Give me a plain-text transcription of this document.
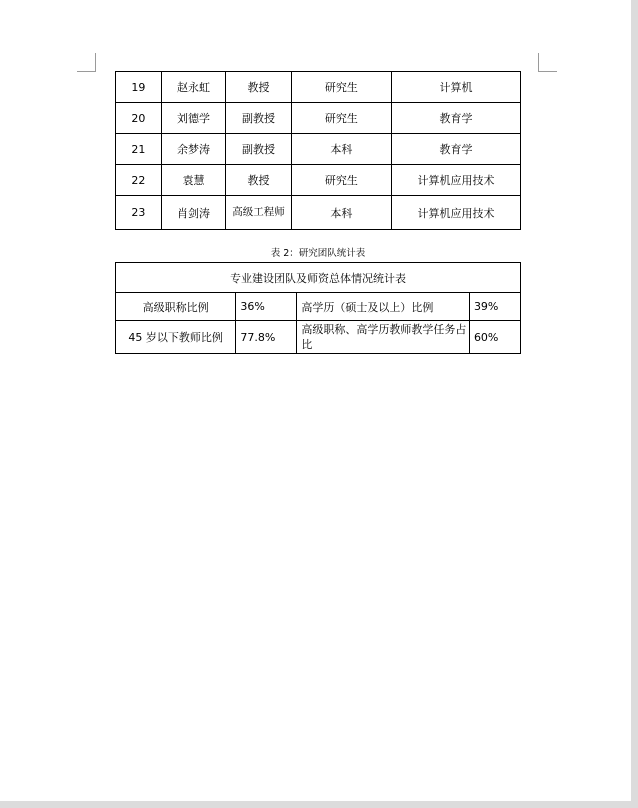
19	赵永虹	教授	研究生	计算机
20	刘德学	副教授	研究生	教育学
21	余梦涛	副教授	本科	教育学
22	袁慧	教授	研究生	计算机应用技术
23	肖剑涛	高级工程师	本科	计算机应用技术
表 2：研究团队统计表
专业建设团队及师资总体情况统计表			
高级职称比例	36%	高学历（硕士及以上）比例	39%
45 岁以下教师比例	77.8%	高级职称、高学历教师教学任务占比	60%
